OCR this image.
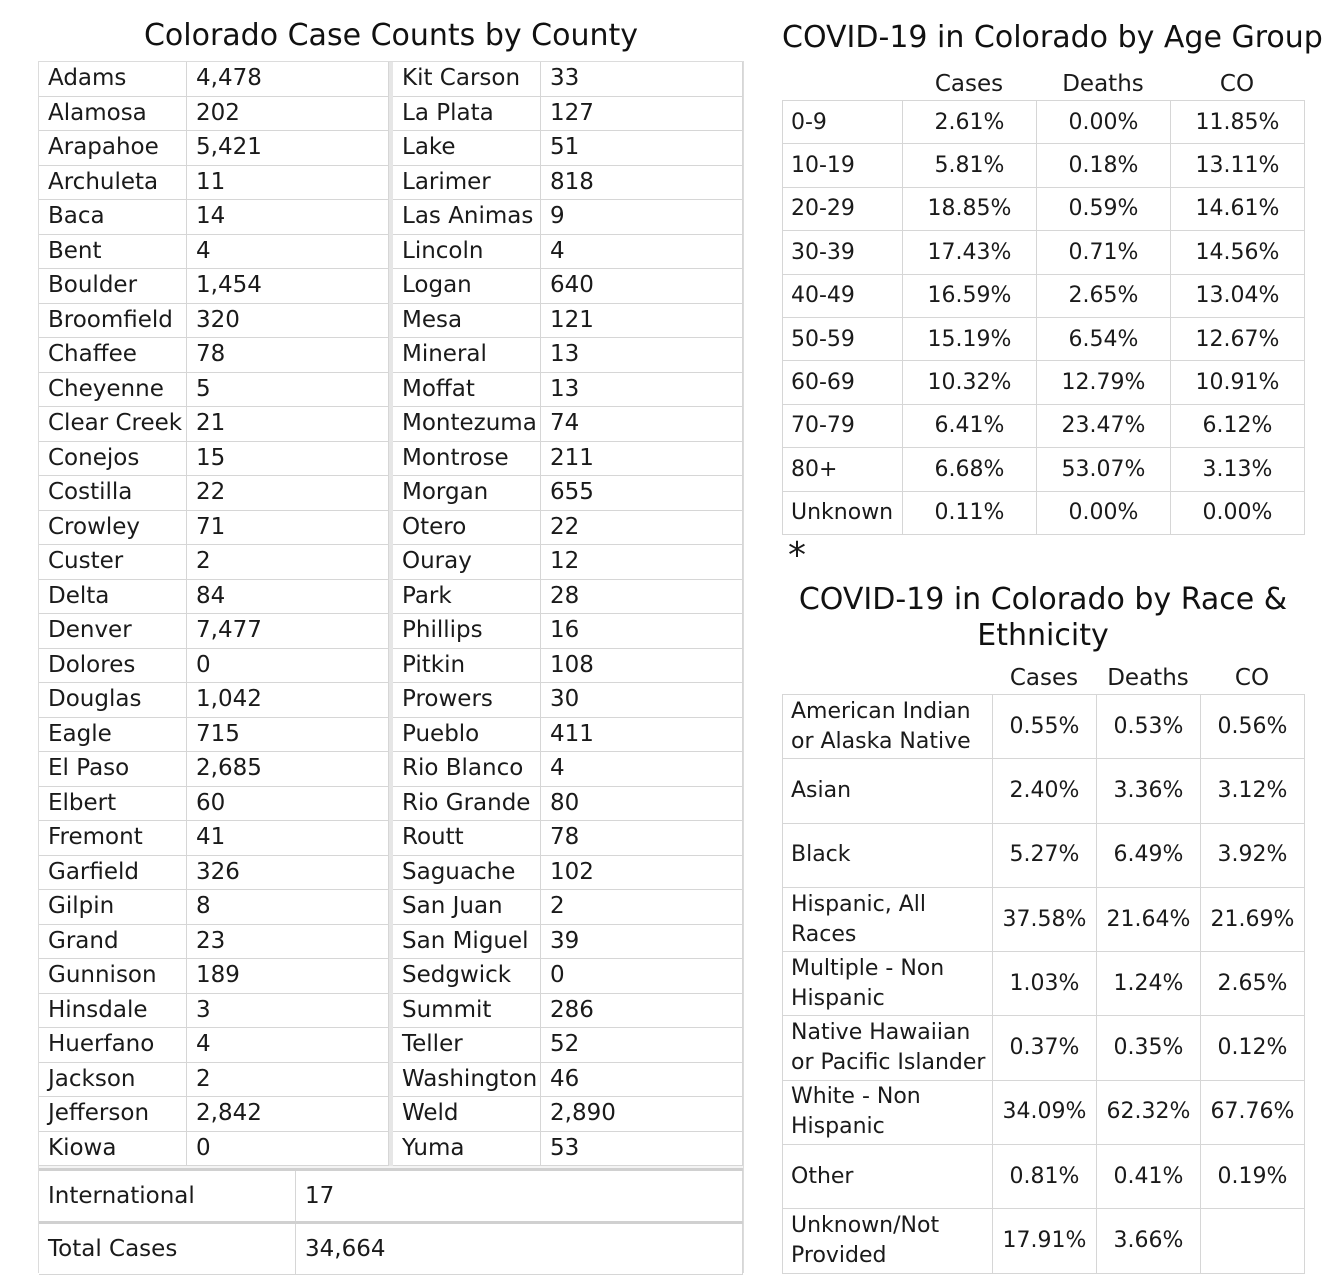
Colorado Case Counts by County
Adams	4,478	Kit Carson	33
Alamosa	202	La Plata	127
Arapahoe	5,421	Lake	51
Archuleta	11	Larimer	818
Baca	14	Las Animas 9
Bent	4	Lincoln	4
Boulder	1,454	Logan	640
Broomfield	320	Mesa	121
Chaffee	78	Mineral	13
Cheyenne	5	Moffat	13
Clear Creek 21	Montezuma 74
Conejos	15	Montrose	211
Costilla	22	Morgan	655
Crowley	71	Otero	22
Custer	2	Ouray	12
Delta	84	Park	28
Denver	7,477	Phillips	16
Dolores	0	Pitkin	108
Douglas	1,042	Prowers	30
Eagle	715	Pueblo	411
El Paso	2,685	Rio Blanco	4
Elbert	60	Rio Grande 80
Fremont	41	Routt	78
Garfield	326	Saguache	102
Gilpin	8	San Juan	2
Grand	23	San Miguel 39
Gunnison	189	Sedgwick	0
Hinsdale	3	Summit	286
Huerfano	4	Teller	52
Jackson	2	Washington 46
Jefferson	2,842	Weld	2,890
Kiowa	0	Yuma	53
International	17
Total Cases	34,664
COVID-19 in Colorado by Age Group
Cases	Deaths	CO
0-9	2.61%	0.00%	11.85%
10-19	5.81%	0.18%	13.11%
20-29	18.85%	0.59%	14.61%
30-39	17.43%	0.71%	14.56%
40-49	16.59%	2.65%	13.04%
50-59	15.19%	6.54%	12.67%
60-69	10.32%	12.79%	10.91%
70-79	6.41%	23.47%	6.12%
80+	6.68%	53.07%	3.13%
Unknown	0.11%	0.00%	0.00%
*
COVID-19 in Colorado by Race & Ethnicity
Cases	Deaths	CO
American Indian or Alaska Native	0.55%	0.53%	0.56%
Asian	2.40%	3.36%	3.12%
Black	5.27%	6.49%	3.92%
Hispanic, All Races	37.58%	21.64%	21.69%
Multiple - Non Hispanic	1.03%	1.24%	2.65%
Native Hawaiian or Pacific Islander	0.37%	0.35%	0.12%
White - Non Hispanic	34.09%	62.32%	67.76%
Other	0.81%	0.41%	0.19%
Unknown/Not Provided	17.91%	3.66%	
